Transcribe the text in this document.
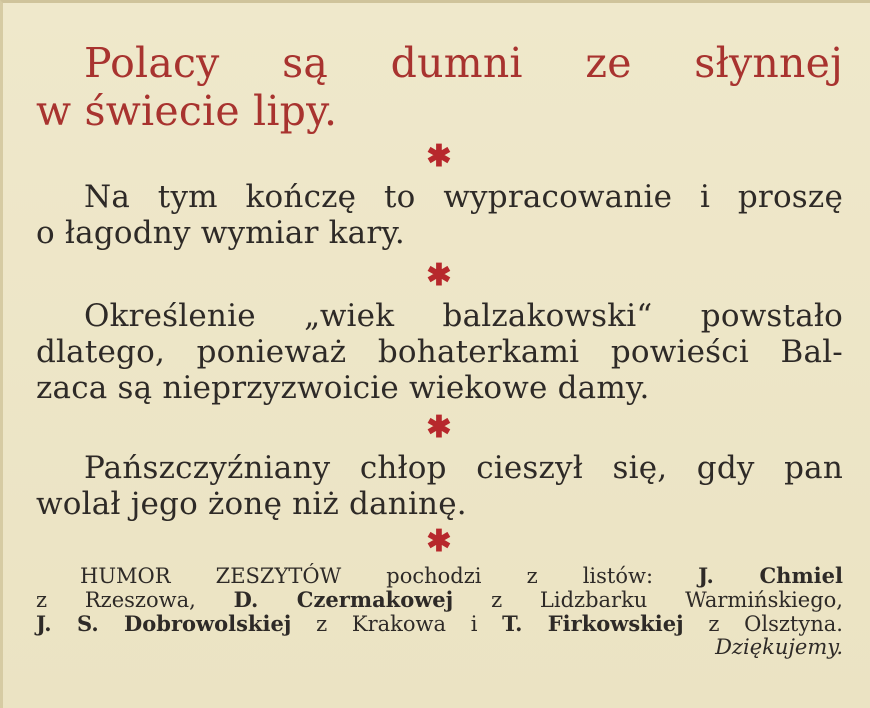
Polacy są dumni ze słynnej
w świecie lipy.
✱
Na tym kończę to wypracowanie i proszę
o łagodny wymiar kary.
✱
Określenie „wiek balzakowski“ powstało
dlatego, ponieważ bohaterkami powieści Bal-
zaca są nieprzyzwoicie wiekowe damy.
✱
Pańszczyźniany chłop cieszył się, gdy pan
wolał jego żonę niż daninę.
✱
HUMOR ZESZYTÓW pochodzi z listów: J. Chmiel
z Rzeszowa, D. Czermakowej z Lidzbarku Warmińskiego,
J. S. Dobrowolskiej z Krakowa i T. Firkowskiej z Olsztyna.
Dziękujemy.
